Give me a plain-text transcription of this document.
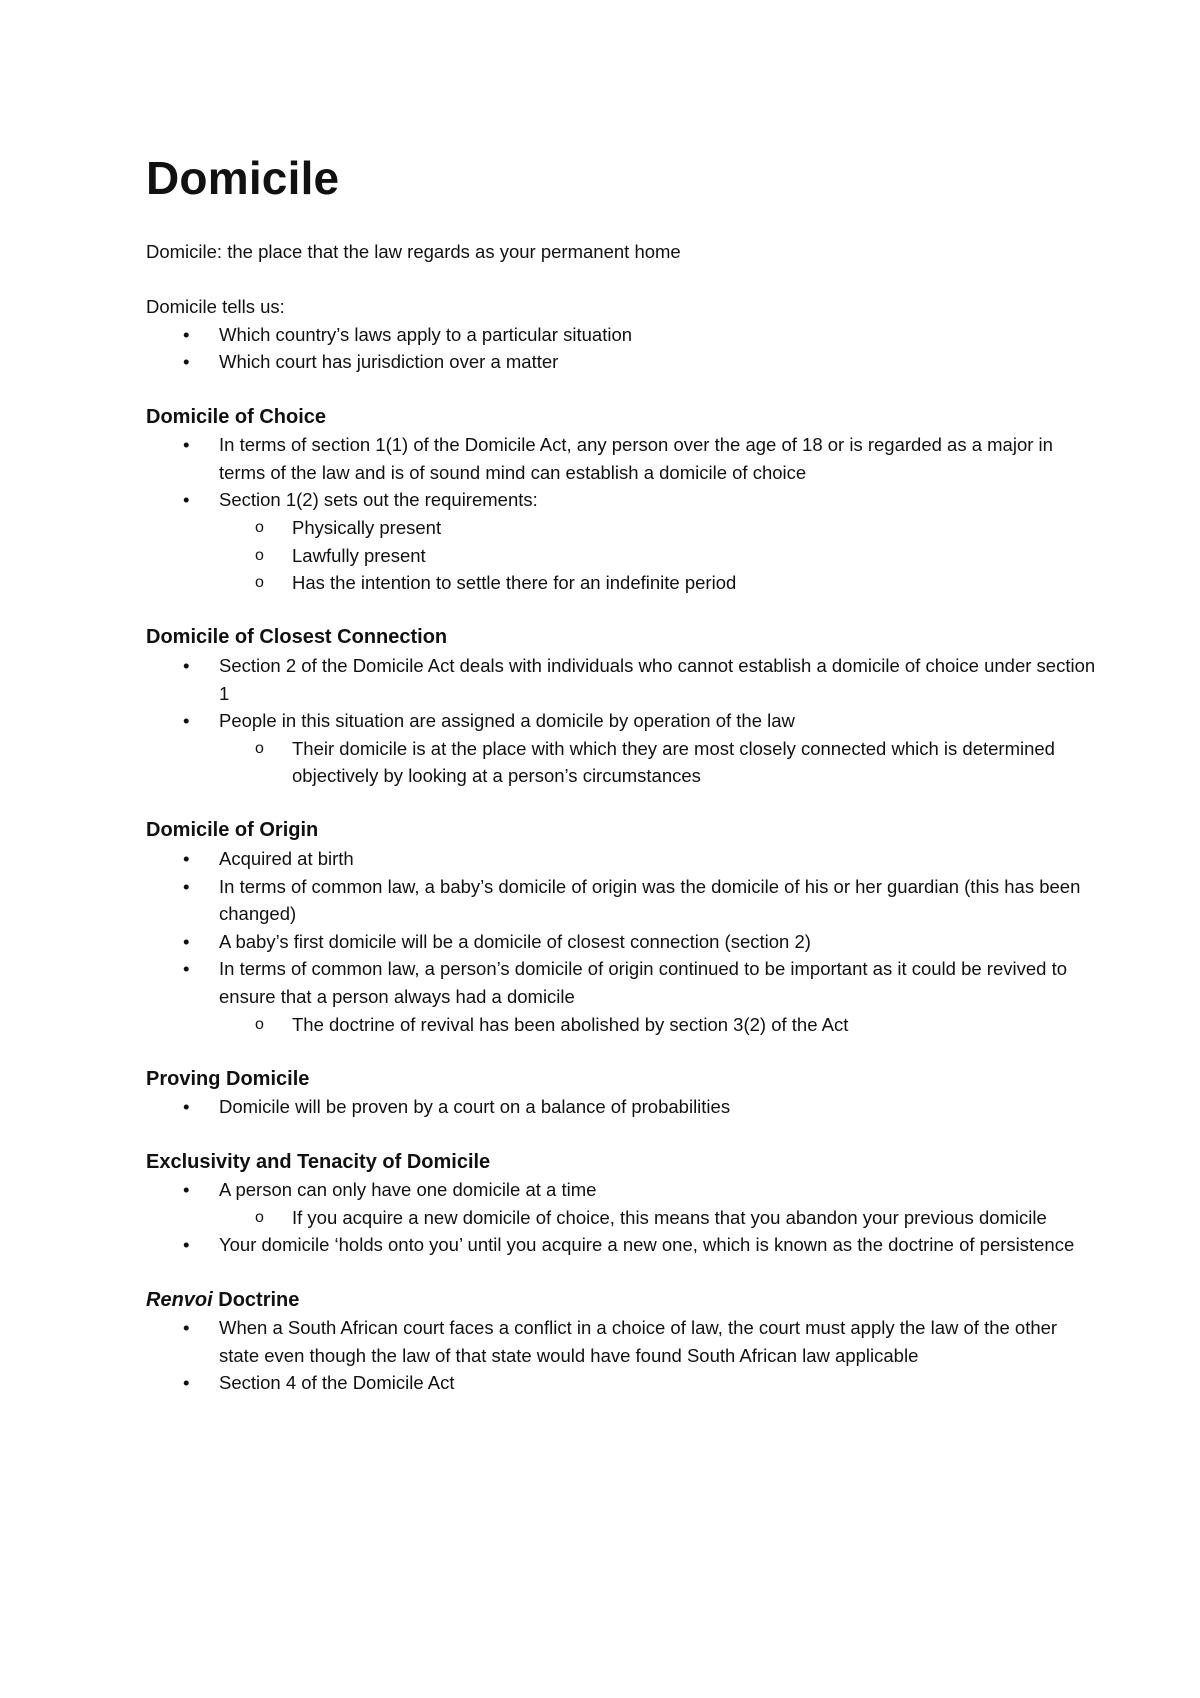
Domicile

Domicile: the place that the law regards as your permanent home

Domicile tells us:

• Which country’s laws apply to a particular situation
• Which court has jurisdiction over a matter
Domicile of Choice
• In terms of section 1(1) of the Domicile Act, any person over the age of 18 or is regarded as a major in terms of the law and is of sound mind can establish a domicile of choice
• Section 1(2) sets out the requirements:
o Physically present
o Lawfully present
o Has the intention to settle there for an indefinite period
Domicile of Closest Connection
• Section 2 of the Domicile Act deals with individuals who cannot establish a domicile of choice under section 1
• People in this situation are assigned a domicile by operation of the law
o Their domicile is at the place with which they are most closely connected which is determined objectively by looking at a person’s circumstances
Domicile of Origin
• Acquired at birth
• In terms of common law, a baby’s domicile of origin was the domicile of his or her guardian (this has been changed)
• A baby’s first domicile will be a domicile of closest connection (section 2)
• In terms of common law, a person’s domicile of origin continued to be important as it could be revived to ensure that a person always had a domicile
o The doctrine of revival has been abolished by section 3(2) of the Act
Proving Domicile
• Domicile will be proven by a court on a balance of probabilities
Exclusivity and Tenacity of Domicile
• A person can only have one domicile at a time
o If you acquire a new domicile of choice, this means that you abandon your previous domicile
• Your domicile ‘holds onto you’ until you acquire a new one, which is known as the doctrine of persistence
Renvoi Doctrine
• When a South African court faces a conflict in a choice of law, the court must apply the law of the other state even though the law of that state would have found South African law applicable
• Section 4 of the Domicile Act
